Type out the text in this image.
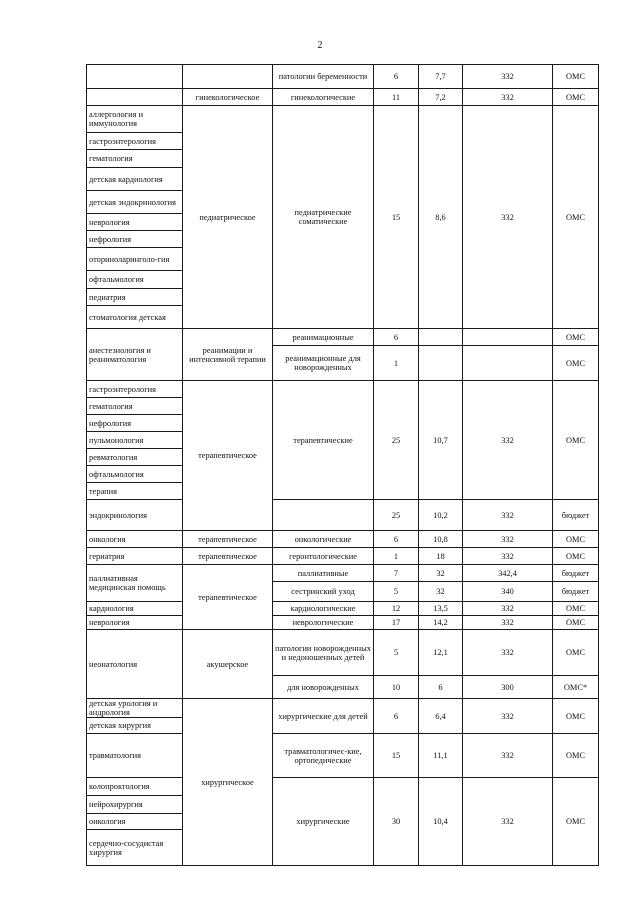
2
		патологии беременности	6	7,7	332	ОМС
	гинекологическое	гинекологические	11	7,2	332	ОМС
аллергология и иммунология	педиатрическое	педиатрические соматические	15	8,6	332	ОМС
гастроэнтерология						
гематология						
детская кардиология						
детская эндокринология						
неврология						
нефрология						
оториноларинголо-гия						
офтальмология						
педиатрия						
стоматология детская						
анестезиология и реаниматология	реанимации и интенсивной терапии	реанимационные	6			ОМС
		реанимационные для новорожденных	1			ОМС
гастроэнтерология	терапевтическое	терапевтические	25	10,7	332	ОМС
гематология						
нефрология						
пульмонология						
ревматология						
офтальмология						
терапия						
эндокринология			25	10,2	332	бюджет
онкология	терапевтическое	онкологические	6	10,8	332	ОМС
гериатрия	терапевтическое	геронтологические	1	18	332	ОМС
паллиативная медицинская помощь	терапевтическое	паллиативные	7	32	342,4	бюджет
		сестринский уход	5	32	340	бюджет
кардиология		кардиологические	12	13,5	332	ОМС
неврология		неврологические	17	14,2	332	ОМС
неонатология	акушерское	патологии новорожденных и недоношенных детей	5	12,1	332	ОМС
		для новорожденных	10	6	300	ОМС*
детская урология и андрология	хирургическое	хирургические для детей	6	6,4	332	ОМС
детская хирургия						
травматология		травматологичес-кие, ортопедические	15	11,1	332	ОМС
колопроктология		хирургические	30	10,4	332	ОМС
нейрохирургия						
онкология						
сердечно-сосудистая хирургия						
